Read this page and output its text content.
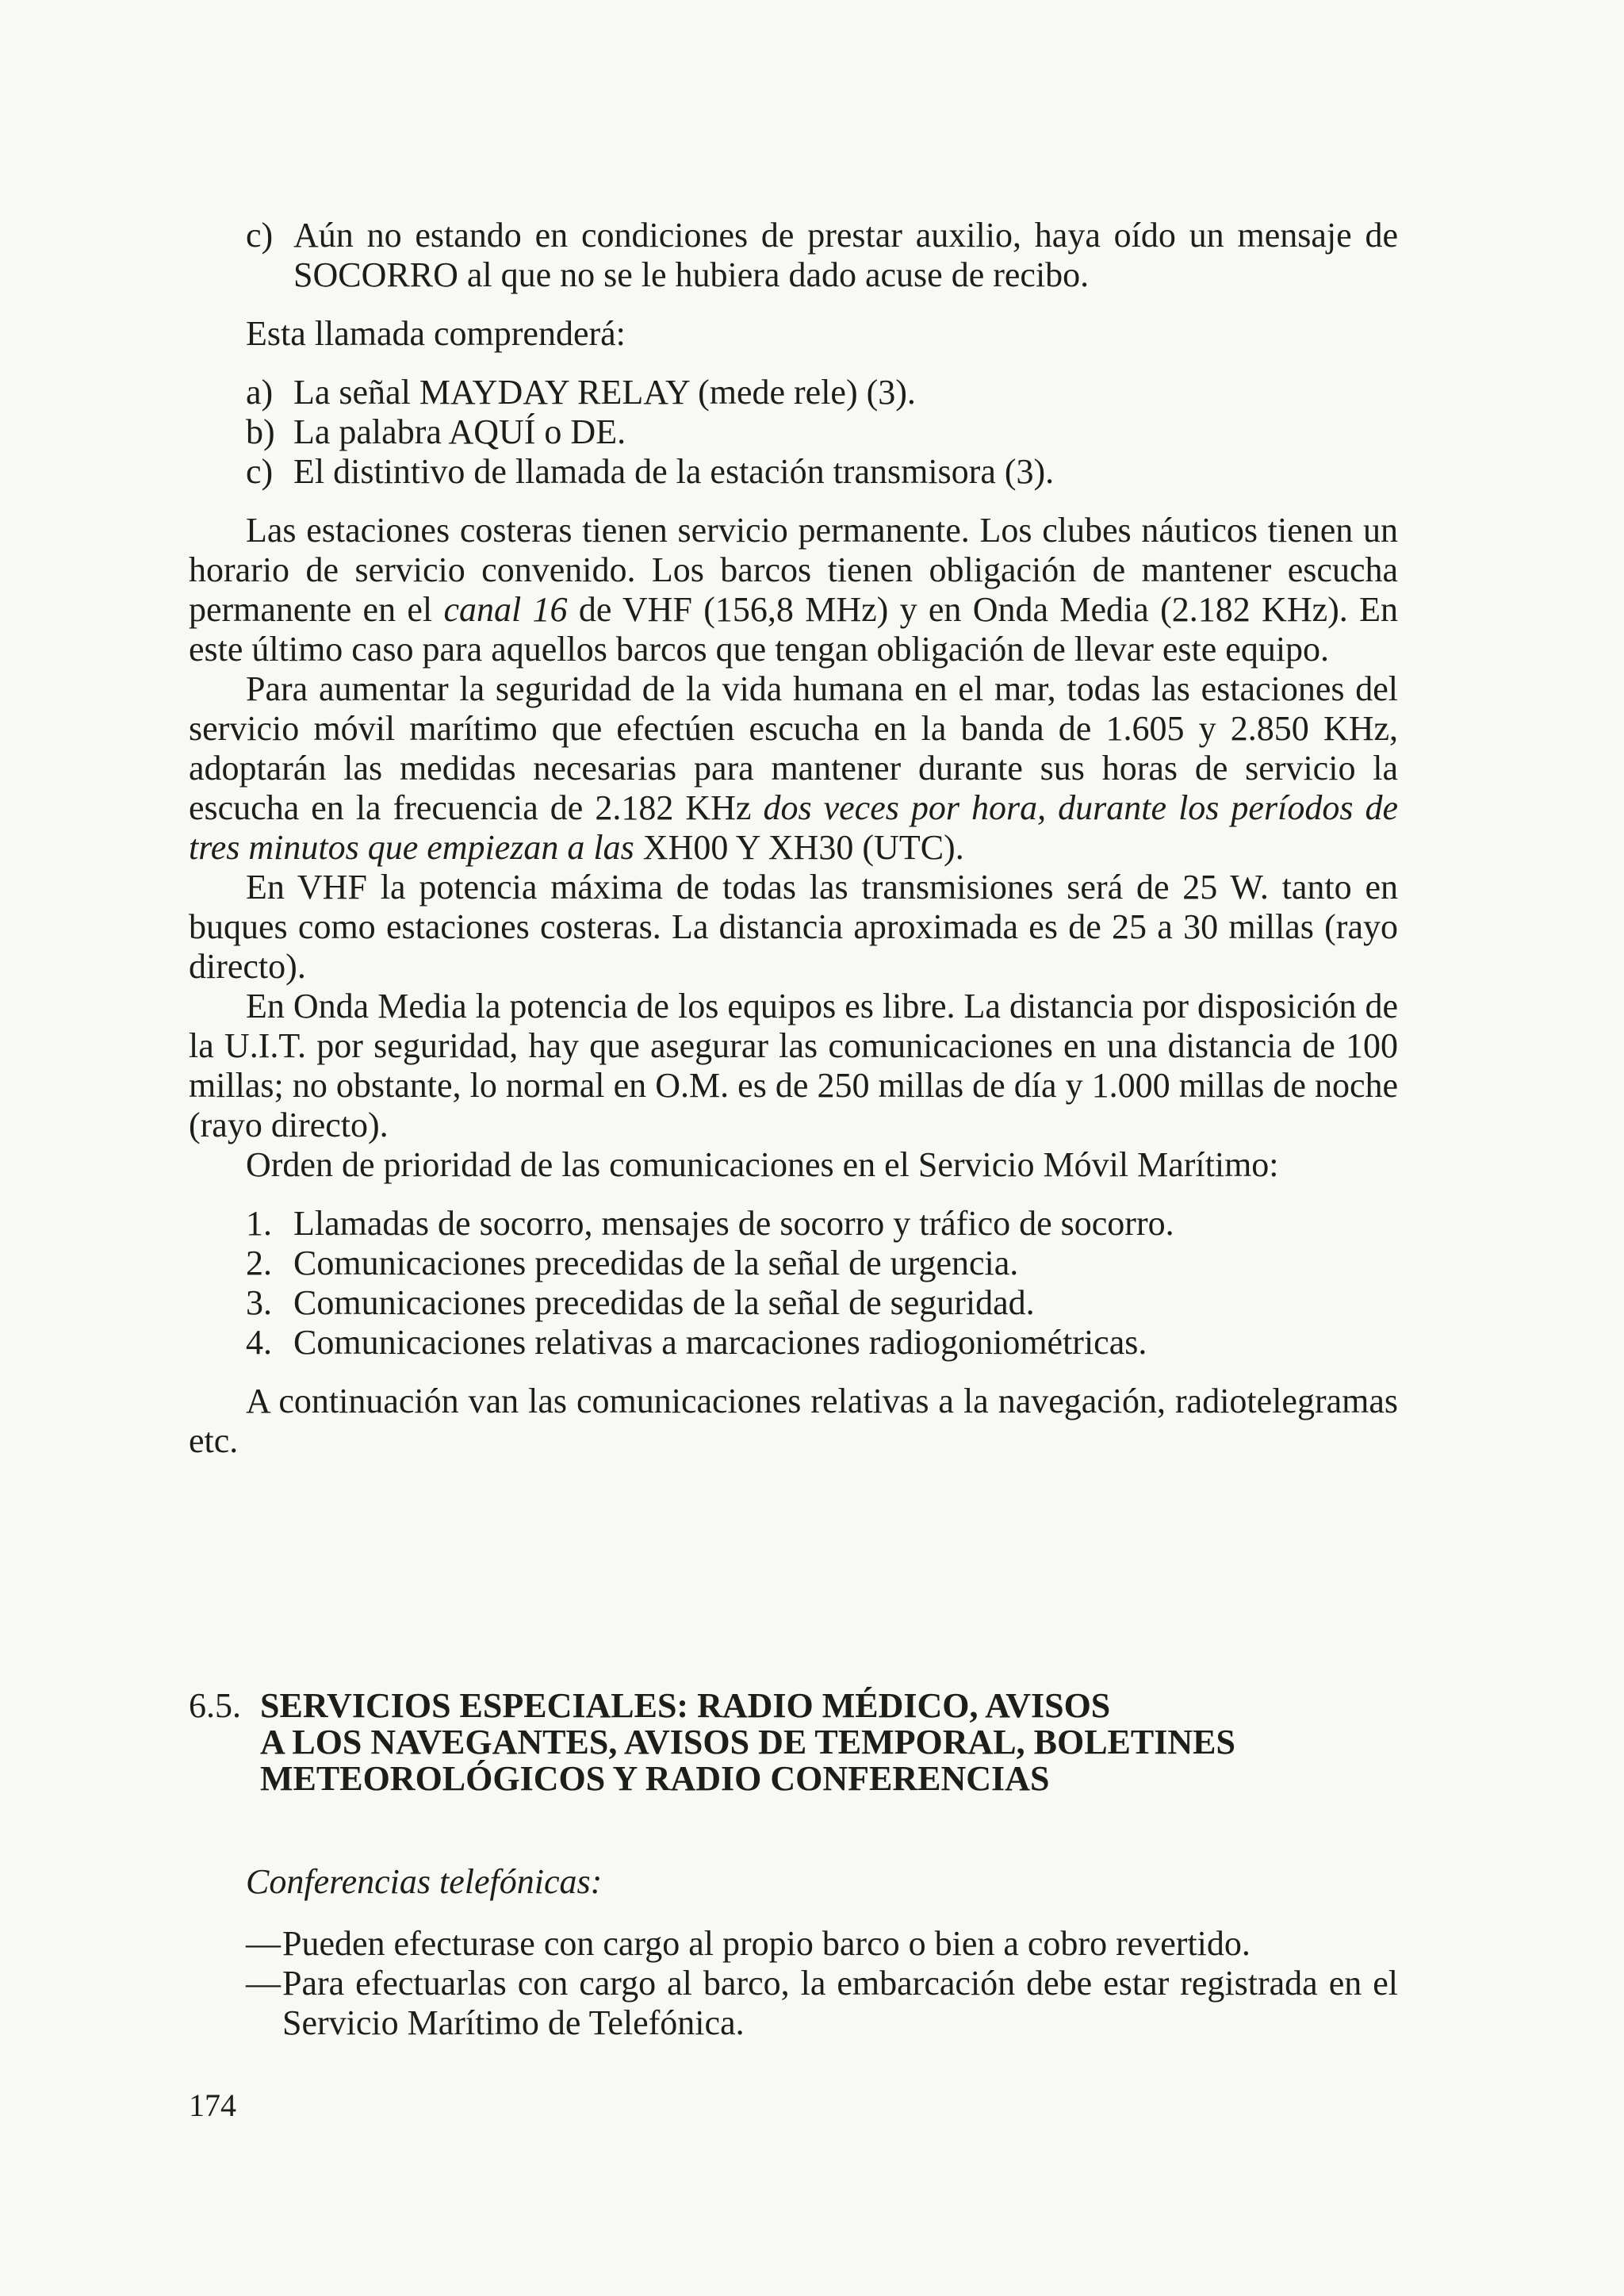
c) Aún no estando en condiciones de prestar auxilio, haya oído un mensaje de SOCORRO al que no se le hubiera dado acuse de recibo.

Esta llamada comprenderá:

a) La señal MAYDAY RELAY (mede rele) (3).
b) La palabra AQUÍ o DE.
c) El distintivo de llamada de la estación transmisora (3).

Las estaciones costeras tienen servicio permanente. Los clubes náuticos tienen un horario de servicio convenido. Los barcos tienen obligación de mantener escucha permanente en el canal 16 de VHF (156,8 MHz) y en Onda Media (2.182 KHz). En este último caso para aquellos barcos que tengan obligación de llevar este equipo.

Para aumentar la seguridad de la vida humana en el mar, todas las estaciones del servicio móvil marítimo que efectúen escucha en la banda de 1.605 y 2.850 KHz, adoptarán las medidas necesarias para mantener durante sus horas de servicio la escucha en la frecuencia de 2.182 KHz dos veces por hora, durante los períodos de tres minutos que empiezan a las XH00 Y XH30 (UTC).

En VHF la potencia máxima de todas las transmisiones será de 25 W. tanto en buques como estaciones costeras. La distancia aproximada es de 25 a 30 millas (rayo directo).

En Onda Media la potencia de los equipos es libre. La distancia por disposición de la U.I.T. por seguridad, hay que asegurar las comunicaciones en una distancia de 100 millas; no obstante, lo normal en O.M. es de 250 millas de día y 1.000 millas de noche (rayo directo).

Orden de prioridad de las comunicaciones en el Servicio Móvil Marítimo:

1. Llamadas de socorro, mensajes de socorro y tráfico de socorro.
2. Comunicaciones precedidas de la señal de urgencia.
3. Comunicaciones precedidas de la señal de seguridad.
4. Comunicaciones relativas a marcaciones radiogoniométricas.

A continuación van las comunicaciones relativas a la navegación, radiotelegramas etc.

6.5. SERVICIOS ESPECIALES: RADIO MÉDICO, AVISOS
A LOS NAVEGANTES, AVISOS DE TEMPORAL, BOLETINES
METEOROLÓGICOS Y RADIO CONFERENCIAS

Conferencias telefónicas:

— Pueden efecturase con cargo al propio barco o bien a cobro revertido.
— Para efectuarlas con cargo al barco, la embarcación debe estar registrada en el Servicio Marítimo de Telefónica.
174
